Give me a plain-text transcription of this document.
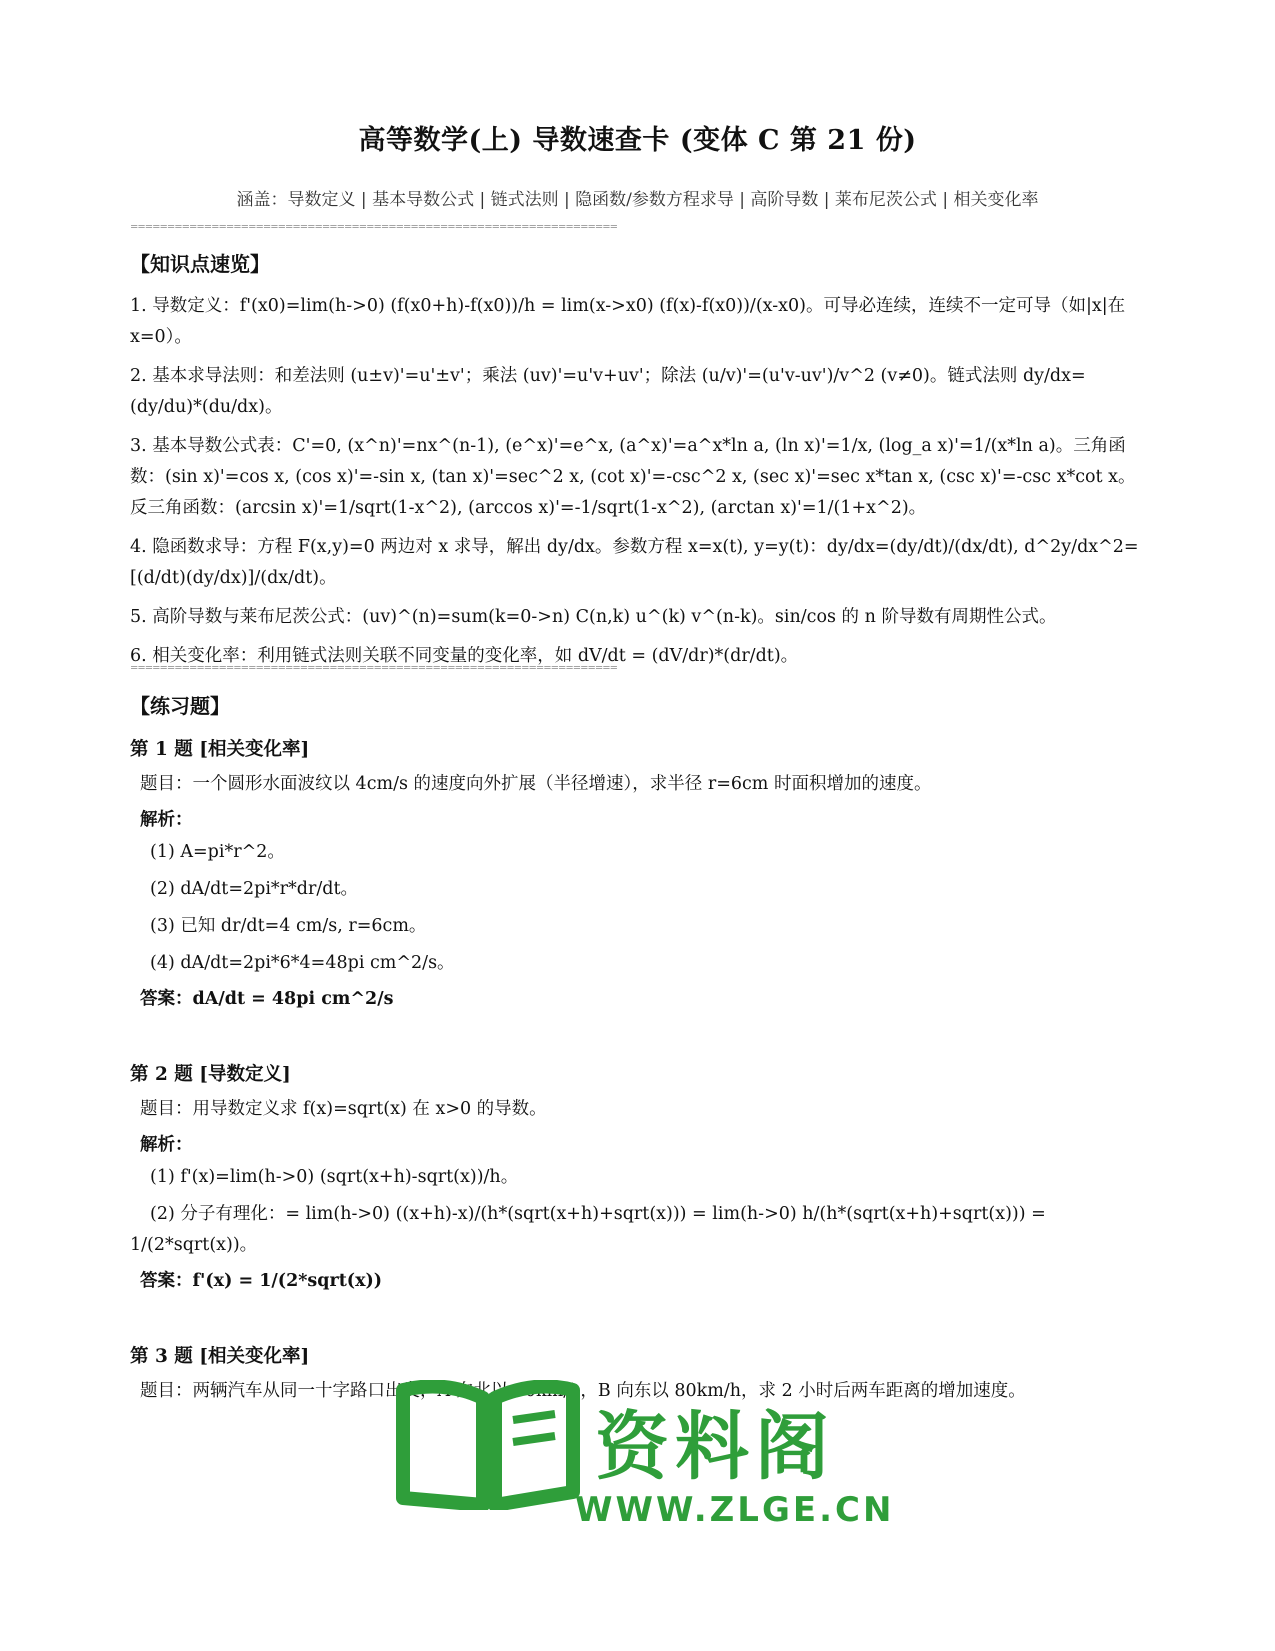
高等数学(上) 导数速查卡 (变体 C 第 21 份)
涵盖：导数定义 | 基本导数公式 | 链式法则 | 隐函数/参数方程求导 | 高阶导数 | 莱布尼茨公式 | 相关变化率
==================================================================

【知识点速览】

1. 导数定义：f'(x0)=lim(h->0) (f(x0+h)-f(x0))/h = lim(x->x0) (f(x)-f(x0))/(x-x0)。可导必连续，连续不一定可导（如|x|在 x=0）。

2. 基本求导法则：和差法则 (u±v)'=u'±v'；乘法 (uv)'=u'v+uv'；除法 (u/v)'=(u'v-uv')/v^2 (v≠0)。链式法则 dy/dx=(dy/du)*(du/dx)。

3. 基本导数公式表：C'=0, (x^n)'=nx^(n-1), (e^x)'=e^x, (a^x)'=a^x*ln a, (ln x)'=1/x, (log_a x)'=1/(x*ln a)。三角函数：(sin x)'=cos x, (cos x)'=-sin x, (tan x)'=sec^2 x, (cot x)'=-csc^2 x, (sec x)'=sec x*tan x, (csc x)'=-csc x*cot x。反三角函数：(arcsin x)'=1/sqrt(1-x^2), (arccos x)'=-1/sqrt(1-x^2), (arctan x)'=1/(1+x^2)。

4. 隐函数求导：方程 F(x,y)=0 两边对 x 求导，解出 dy/dx。参数方程 x=x(t), y=y(t)：dy/dx=(dy/dt)/(dx/dt), d^2y/dx^2=[(d/dt)(dy/dx)]/(dx/dt)。

5. 高阶导数与莱布尼茨公式：(uv)^(n)=sum(k=0->n) C(n,k) u^(k) v^(n-k)。sin/cos 的 n 阶导数有周期性公式。

6. 相关变化率：利用链式法则关联不同变量的变化率，如 dV/dt = (dV/dr)*(dr/dt)。

==================================================================

【练习题】

第 1 题 [相关变化率]

题目：一个圆形水面波纹以 4cm/s 的速度向外扩展（半径增速），求半径 r=6cm 时面积增加的速度。

解析：

(1) A=pi*r^2。

(2) dA/dt=2pi*r*dr/dt。

(3) 已知 dr/dt=4 cm/s, r=6cm。

(4) dA/dt=2pi*6*4=48pi cm^2/s。

答案：dA/dt = 48pi cm^2/s

第 2 题 [导数定义]

题目：用导数定义求 f(x)=sqrt(x) 在 x>0 的导数。

解析：

(1) f'(x)=lim(h->0) (sqrt(x+h)-sqrt(x))/h。

(2) 分子有理化：= lim(h->0) ((x+h)-x)/(h*(sqrt(x+h)+sqrt(x))) = lim(h->0) h/(h*(sqrt(x+h)+sqrt(x))) = 1/(2*sqrt(x))。

答案：f'(x) = 1/(2*sqrt(x))

第 3 题 [相关变化率]

题目：两辆汽车从同一十字路口出发，A 向北以 60km/h，B 向东以 80km/h，求 2 小时后两车距离的增加速度。

资料阁
WWW.ZLGE.CN
